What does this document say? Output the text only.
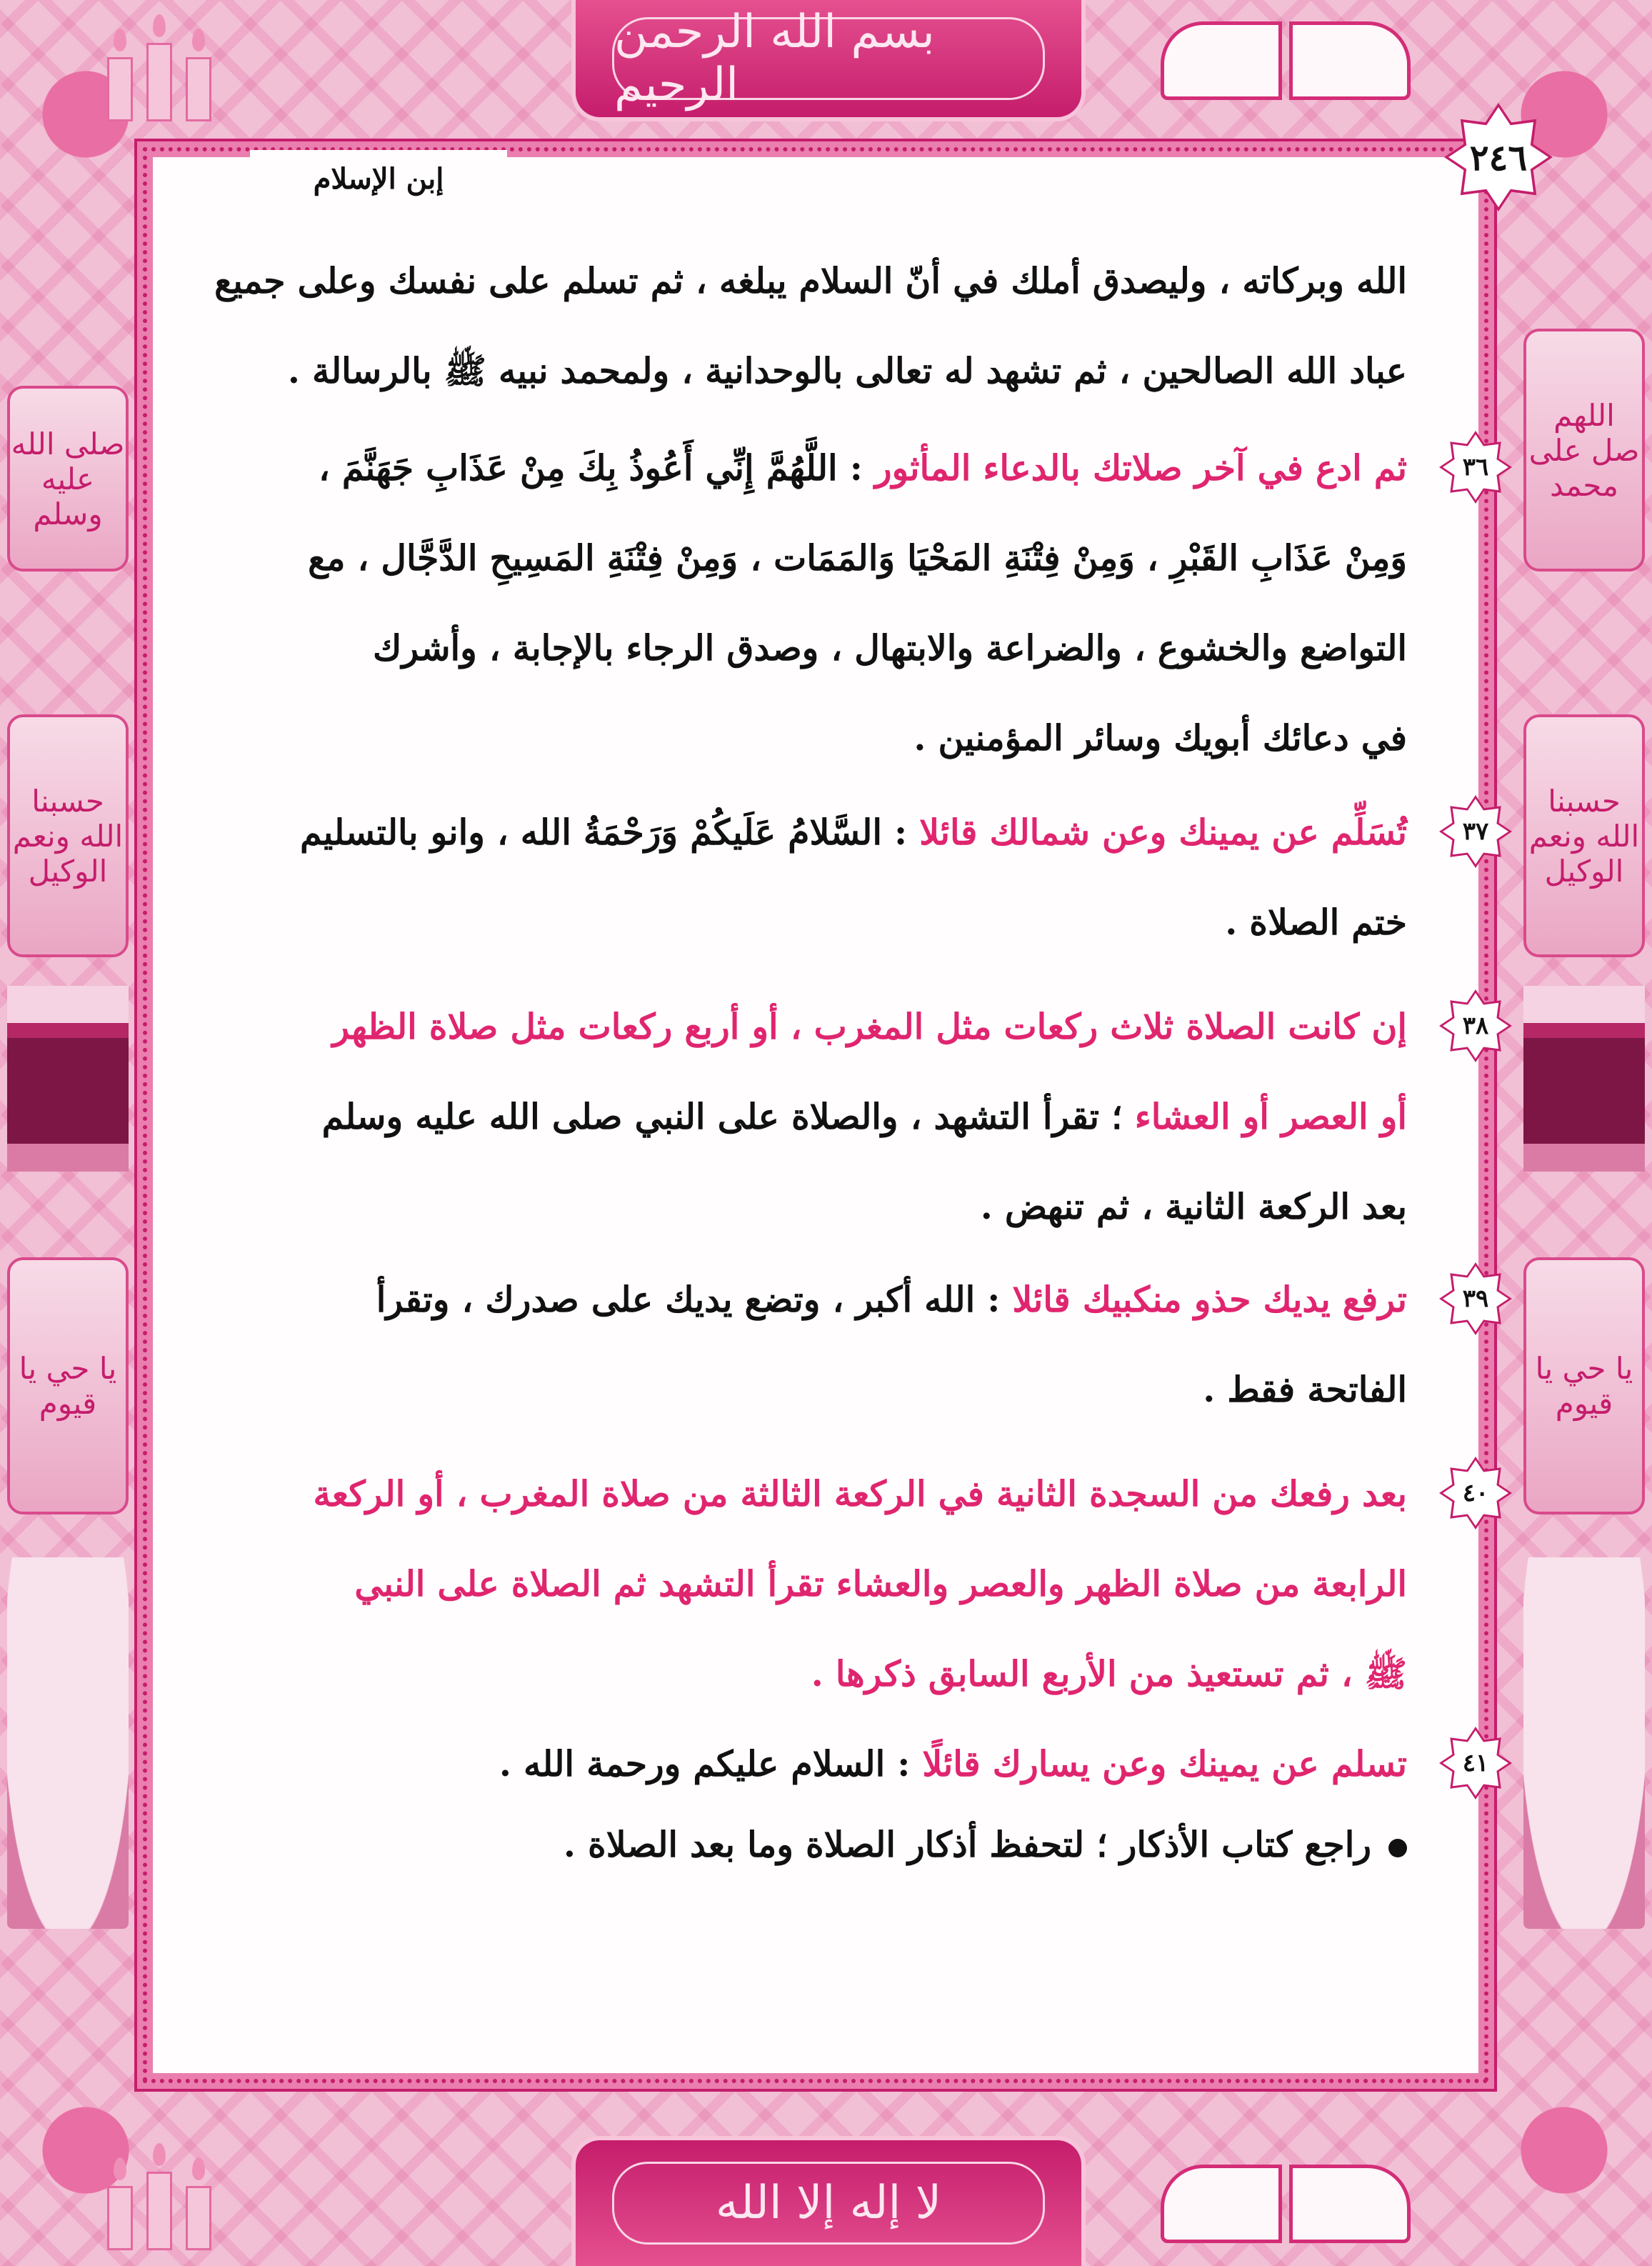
صلى الله عليه وسلم
حسبنا الله ونعم الوكيل
يا حي يا قيوم
اللهم صل على محمد
حسبنا الله ونعم الوكيل
يا حي يا قيوم
بسم الله الرحمن الرحيم
لا إله إلا الله
إبن الإسلام
٢٤٦

الله وبركاته ، وليصدق أملك في أنّ السلام يبلغه ، ثم تسلم على نفسك وعلى جميع

عباد الله الصالحين ، ثم تشهد له تعالى بالوحدانية ، ولمحمد نبيه ﷺ بالرسالة .

٣٦

ثم ادع في آخر صلاتك بالدعاء المأثور : اللَّهُمَّ إِنِّي أَعُوذُ بِكَ مِنْ عَذَابِ جَهَنَّمَ ،

وَمِنْ عَذَابِ القَبْرِ ، وَمِنْ فِتْنَةِ المَحْيَا وَالمَمَات ، وَمِنْ فِتْنَةِ المَسِيحِ الدَّجَّال ، مع

التواضع والخشوع ، والضراعة والابتهال ، وصدق الرجاء بالإجابة ، وأشرك

في دعائك أبويك وسائر المؤمنين .

٣٧

تُسَلِّم عن يمينك وعن شمالك قائلا : السَّلامُ عَلَيكُمْ وَرَحْمَةُ الله ، وانو بالتسليم

ختم الصلاة .

٣٨

إن كانت الصلاة ثلاث ركعات مثل المغرب ، أو أربع ركعات مثل صلاة الظهر

أو العصر أو العشاء ؛ تقرأ التشهد ، والصلاة على النبي صلى الله عليه وسلم

بعد الركعة الثانية ، ثم تنهض .

٣٩

ترفع يديك حذو منكبيك قائلا : الله أكبر ، وتضع يديك على صدرك ، وتقرأ

الفاتحة فقط .

٤٠

بعد رفعك من السجدة الثانية في الركعة الثالثة من صلاة المغرب ، أو الركعة

الرابعة من صلاة الظهر والعصر والعشاء تقرأ التشهد ثم الصلاة على النبي

ﷺ ، ثم تستعيذ من الأربع السابق ذكرها .

٤١

تسلم عن يمينك وعن يسارك قائلًا : السلام عليكم ورحمة الله .

راجع كتاب الأذكار ؛ لتحفظ أذكار الصلاة وما بعد الصلاة .
